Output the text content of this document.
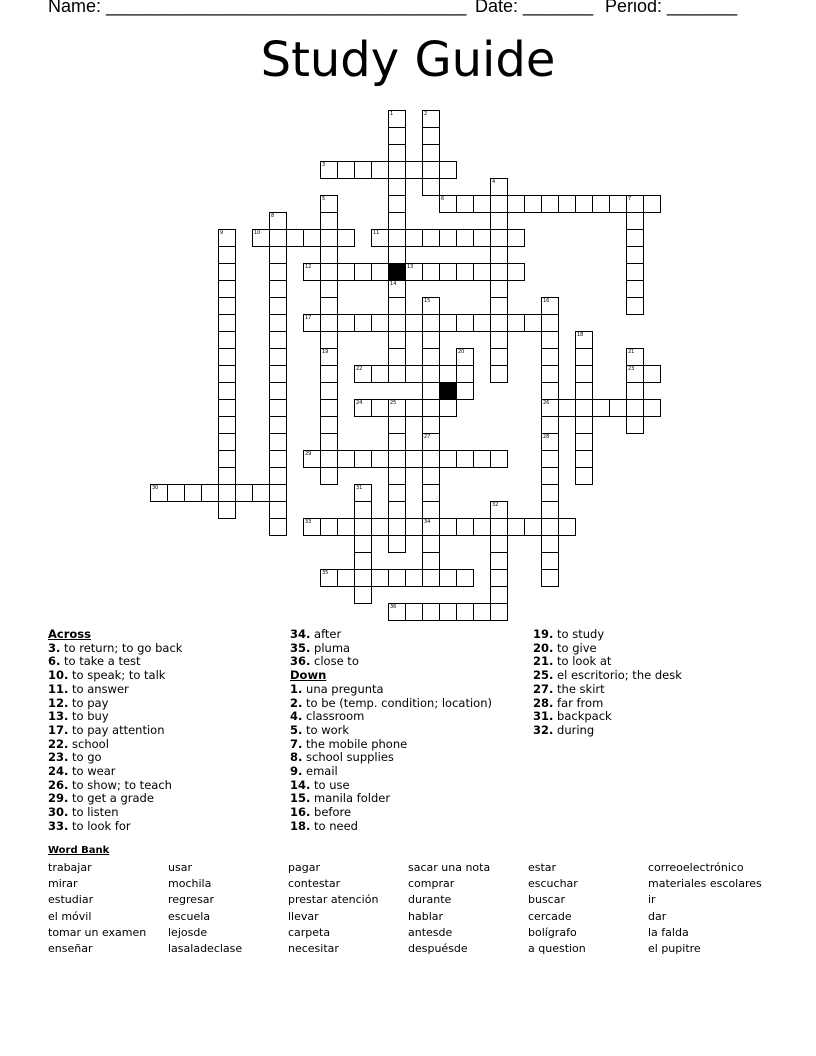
Name: ____________________________________ Date: _______ Period: _______
Study Guide
1
14
2
3
4
5
19
6	7
8
9	10	11
12	13
15
27
16
26
28
17
18
20	21
23
22
24	25
34
29
30	31
32
33
35
36
Across
3. to return; to go back
6. to take a test
10. to speak; to talk
11. to answer
12. to pay
13. to buy
17. to pay attention
22. school
23. to go
24. to wear
26. to show; to teach
29. to get a grade
30. to listen
33. to look for
34. after
35. pluma
36. close to
Down
1. una pregunta
2. to be (temp. condition; location)
4. classroom
5. to work
7. the mobile phone
8. school supplies
9. email
14. to use
15. manila folder
16. before
18. to need
19. to study
20. to give
21. to look at
25. el escritorio; the desk
27. the skirt
28. far from
31. backpack
32. during
Word Bank
trabajar
mirar
estudiar
el móvil
tomar un examen
enseñar
usar
mochila
regresar
escuela
lejosde
lasaladeclase
pagar
contestar
prestar atención
llevar
carpeta
necesitar
sacar una nota
comprar
durante
hablar
antesde
despuésde
estar
escuchar
buscar
cercade
bolígrafo
a question
correoelectrónico
materiales escolares
ir
dar
la falda
el pupitre
